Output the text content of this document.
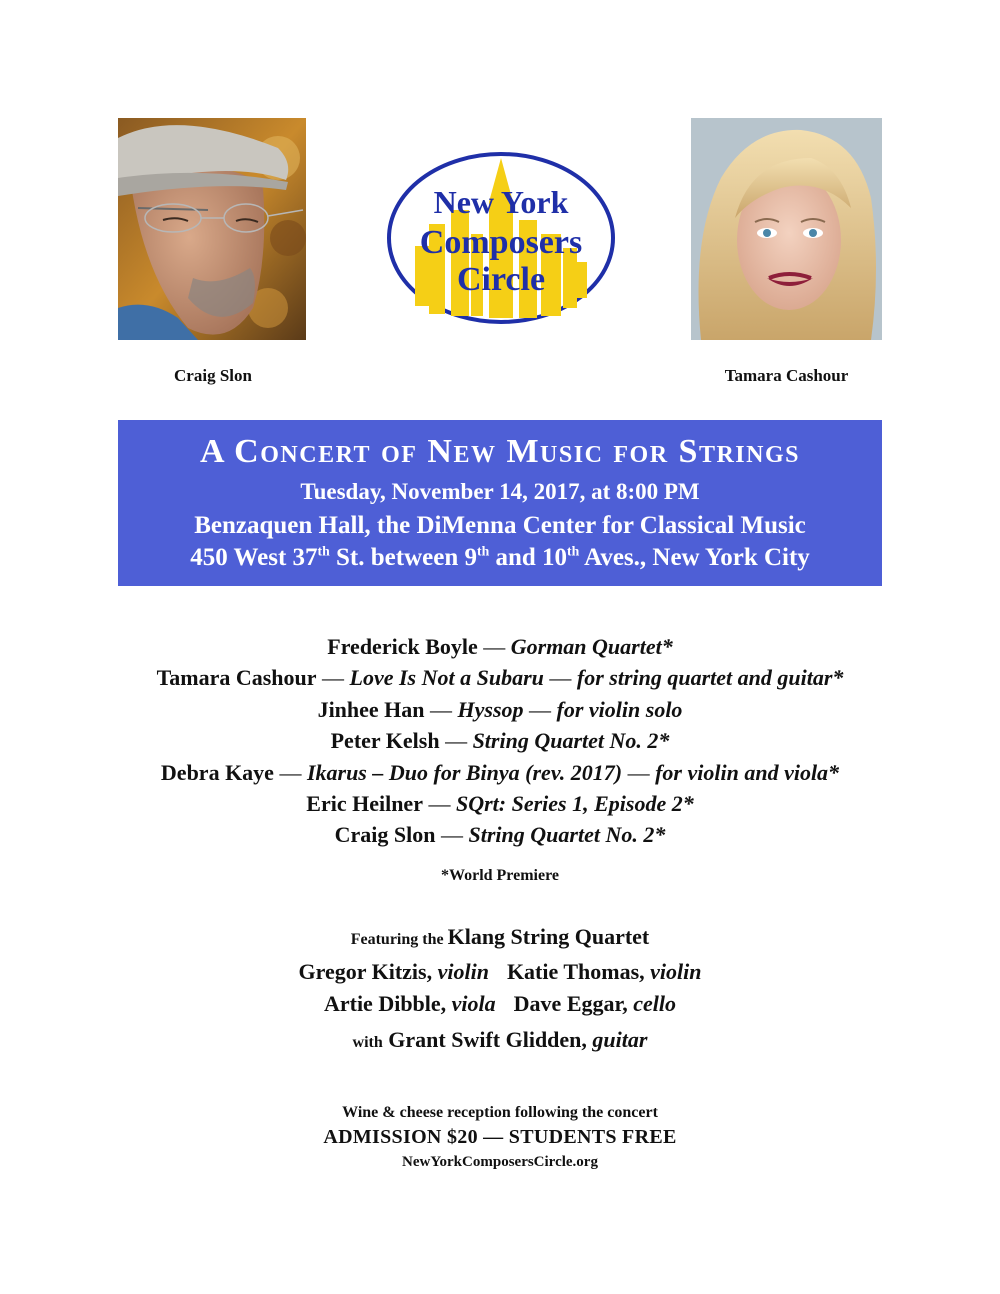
New York
Composers
Circle
Craig Slon	Tamara Cashour
A Concert of New Music for Strings
Tuesday, November 14, 2017, at 8:00 PM
Benzaquen Hall, the DiMenna Center for Classical Music
450 West 37th St. between 9th and 10th Aves., New York City
Frederick Boyle — Gorman Quartet*
Tamara Cashour — Love Is Not a Subaru — for string quartet and guitar*
Jinhee Han — Hyssop — for violin solo
Peter Kelsh — String Quartet No. 2*
Debra Kaye — Ikarus – Duo for Binya (rev. 2017) — for violin and viola*
Eric Heilner — SQrt: Series 1, Episode 2*
Craig Slon — String Quartet No. 2*
*World Premiere
Featuring the Klang String Quartet
Gregor Kitzis, violin Katie Thomas, violin
Artie Dibble, viola Dave Eggar, cello
with Grant Swift Glidden, guitar
Wine & cheese reception following the concert
ADMISSION $20 — STUDENTS FREE
NewYorkComposersCircle.org
